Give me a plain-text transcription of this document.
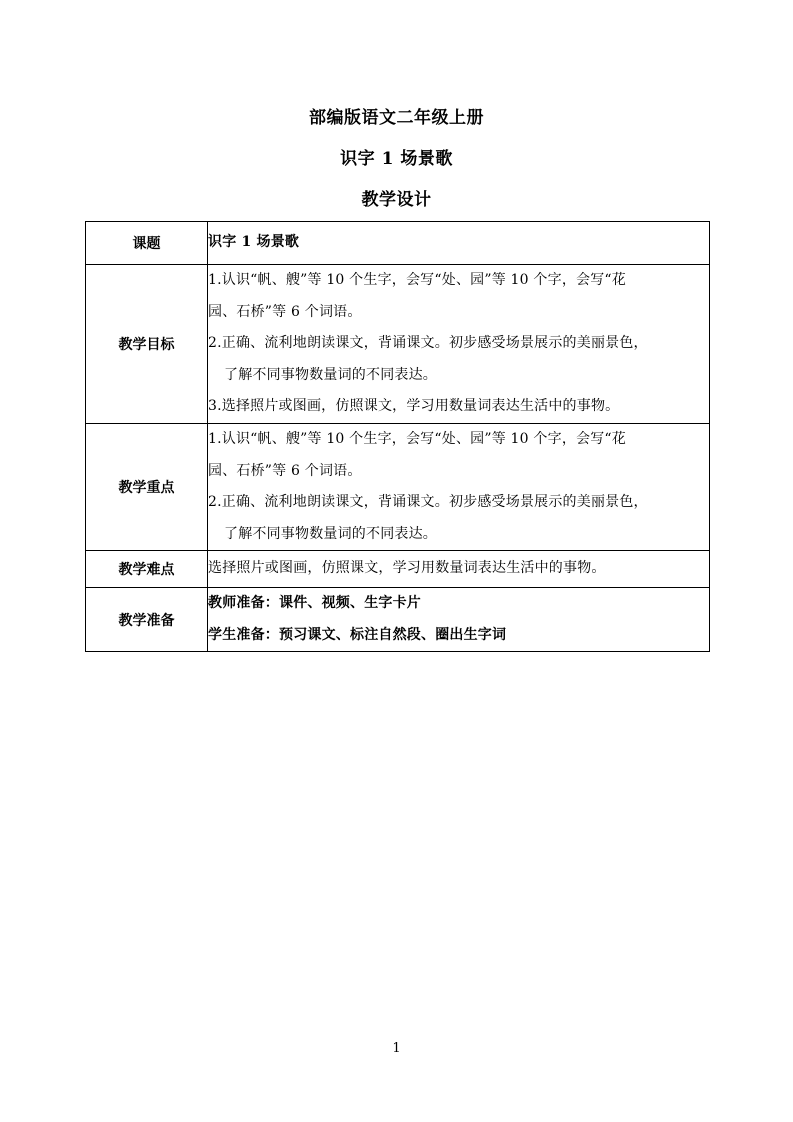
部编版语文二年级上册
识字 1 场景歌
教学设计
课题	识字 1 场景歌

教学目标	1.认识“帆、艘”等 10 个生字，会写“处、园”等 10 个字，会写“花
园、石桥”等 6 个词语。
2.正确、流利地朗读课文，背诵课文。初步感受场景展示的美丽景色，
了解不同事物数量词的不同表达。
3.选择照片或图画，仿照课文，学习用数量词表达生活中的事物。

教学重点	1.认识“帆、艘”等 10 个生字，会写“处、园”等 10 个字，会写“花
园、石桥”等 6 个词语。
2.正确、流利地朗读课文，背诵课文。初步感受场景展示的美丽景色，
了解不同事物数量词的不同表达。

教学难点	选择照片或图画，仿照课文，学习用数量词表达生活中的事物。

教学准备	教师准备：课件、视频、生字卡片
学生准备：预习课文、标注自然段、圈出生字词
1
